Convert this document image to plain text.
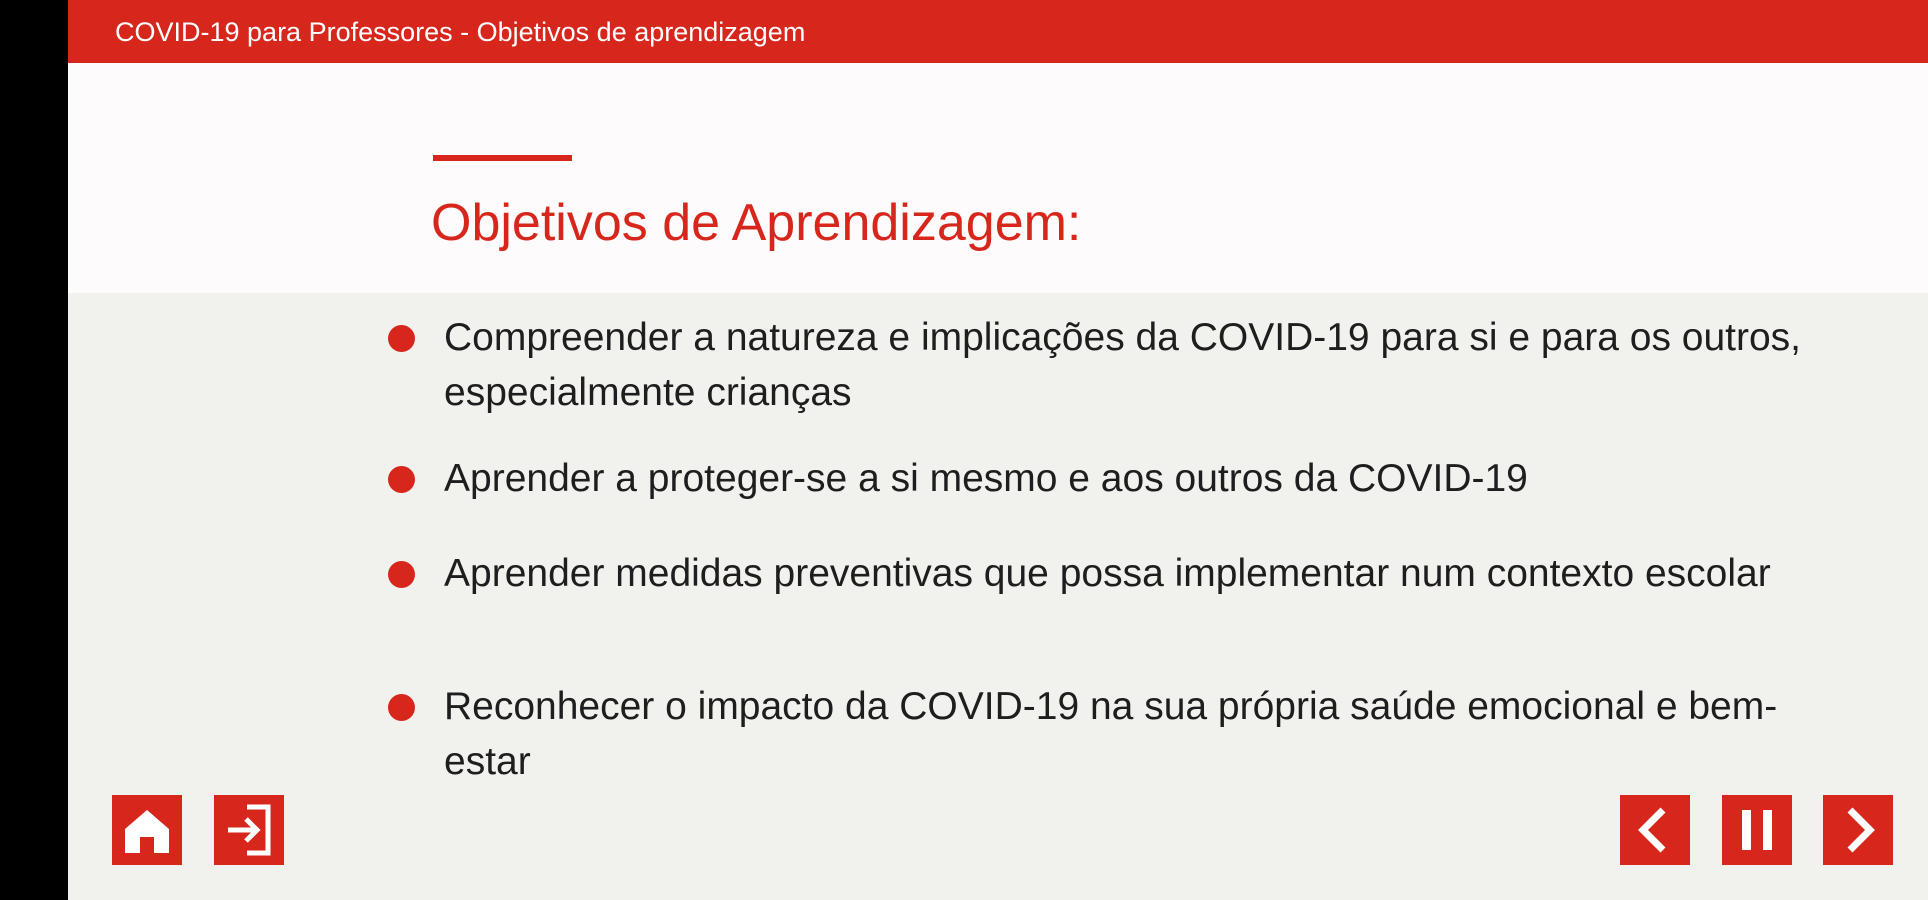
COVID-19 para Professores - Objetivos de aprendizagem
Objetivos de Aprendizagem:
Compreender a natureza e implicações da COVID-19 para si e para os outros, especialmente crianças
Aprender a proteger-se a si mesmo e aos outros da COVID-19
Aprender medidas preventivas que possa implementar num contexto escolar
Reconhecer o impacto da COVID-19 na sua própria saúde emocional e bem-estar
